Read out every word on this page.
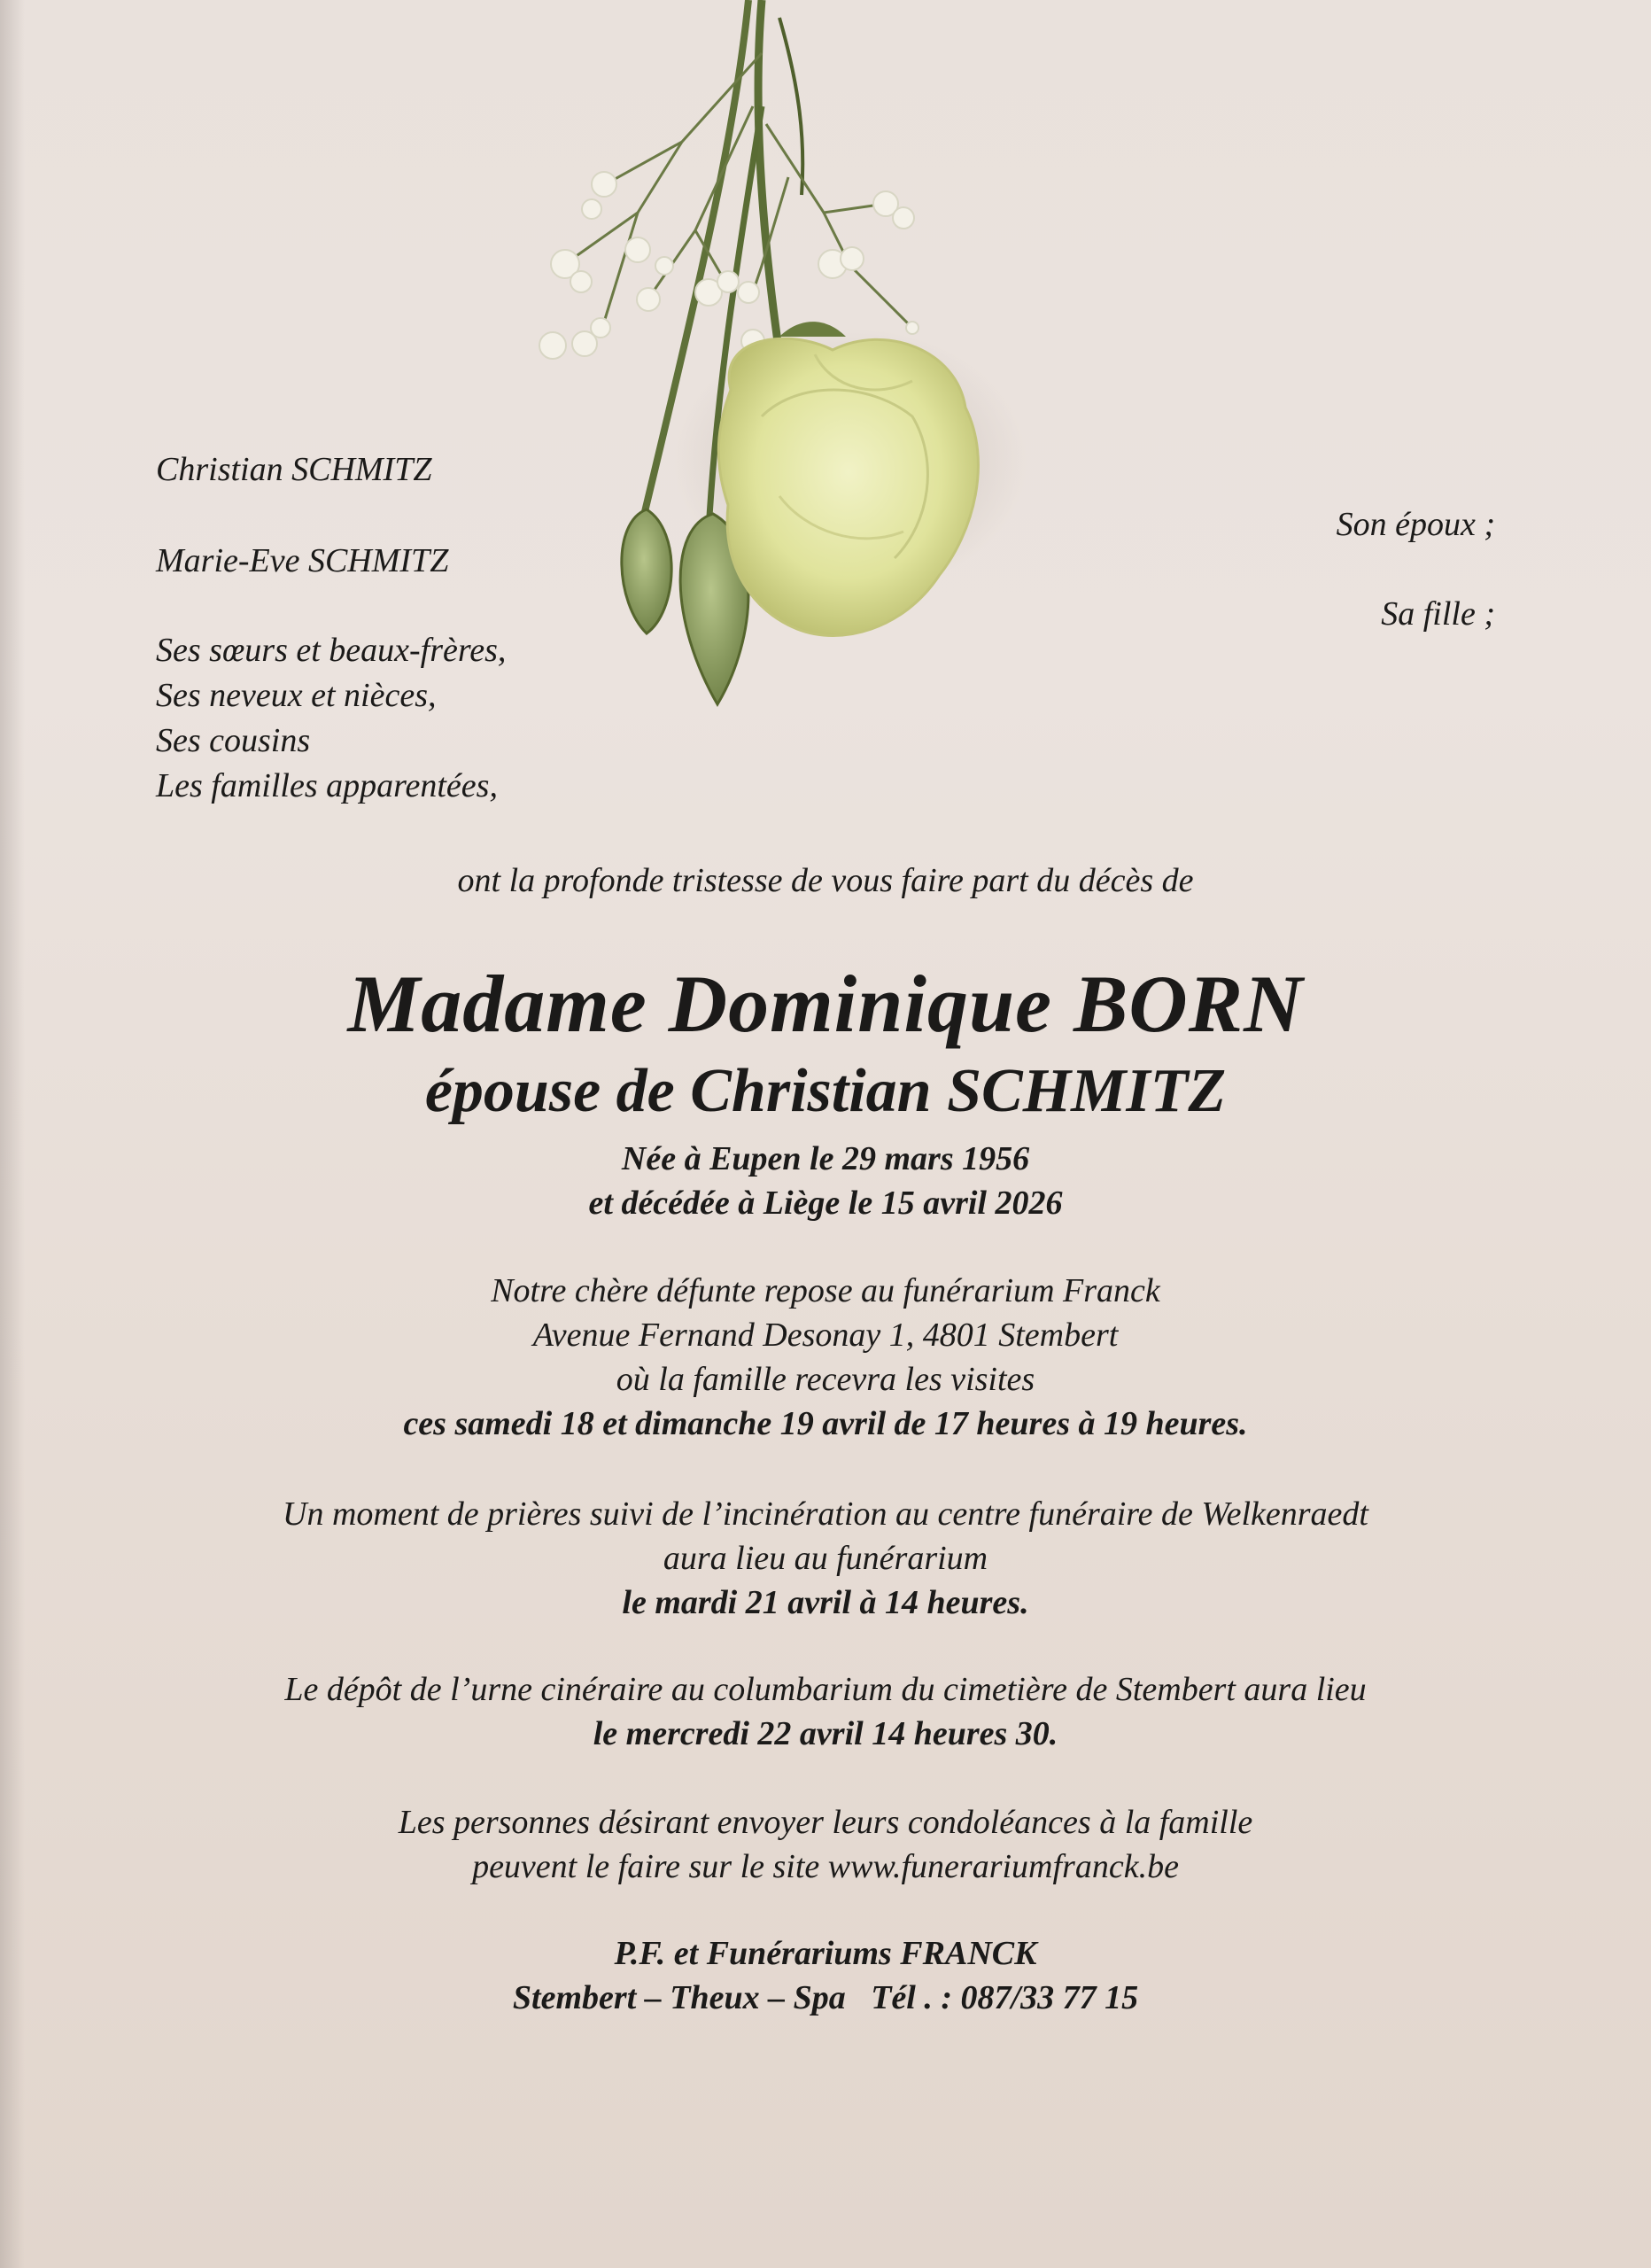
Christian SCHMITZ
Marie-Eve SCHMITZ
Ses sœurs et beaux-frères,
Ses neveux et nièces,
Ses cousins
Les familles apparentées,
Son époux ;
Sa fille ;
ont la profonde tristesse de vous faire part du décès de
Madame Dominique BORN
épouse de Christian SCHMITZ
Née à Eupen le 29 mars 1956
et décédée à Liège le 15 avril 2026
Notre chère défunte repose au funérarium Franck
Avenue Fernand Desonay 1, 4801 Stembert
où la famille recevra les visites
ces samedi 18 et dimanche 19 avril de 17 heures à 19 heures.
Un moment de prières suivi de l’incinération au centre funéraire de Welkenraedt
aura lieu au funérarium
le mardi 21 avril à 14 heures.
Le dépôt de l’urne cinéraire au columbarium du cimetière de Stembert aura lieu
le mercredi 22 avril 14 heures 30.
Les personnes désirant envoyer leurs condoléances à la famille
peuvent le faire sur le site www.funerariumfranck.be
P.F. et Funérariums FRANCK
Stembert – Theux – Spa   Tél . : 087/33 77 15
